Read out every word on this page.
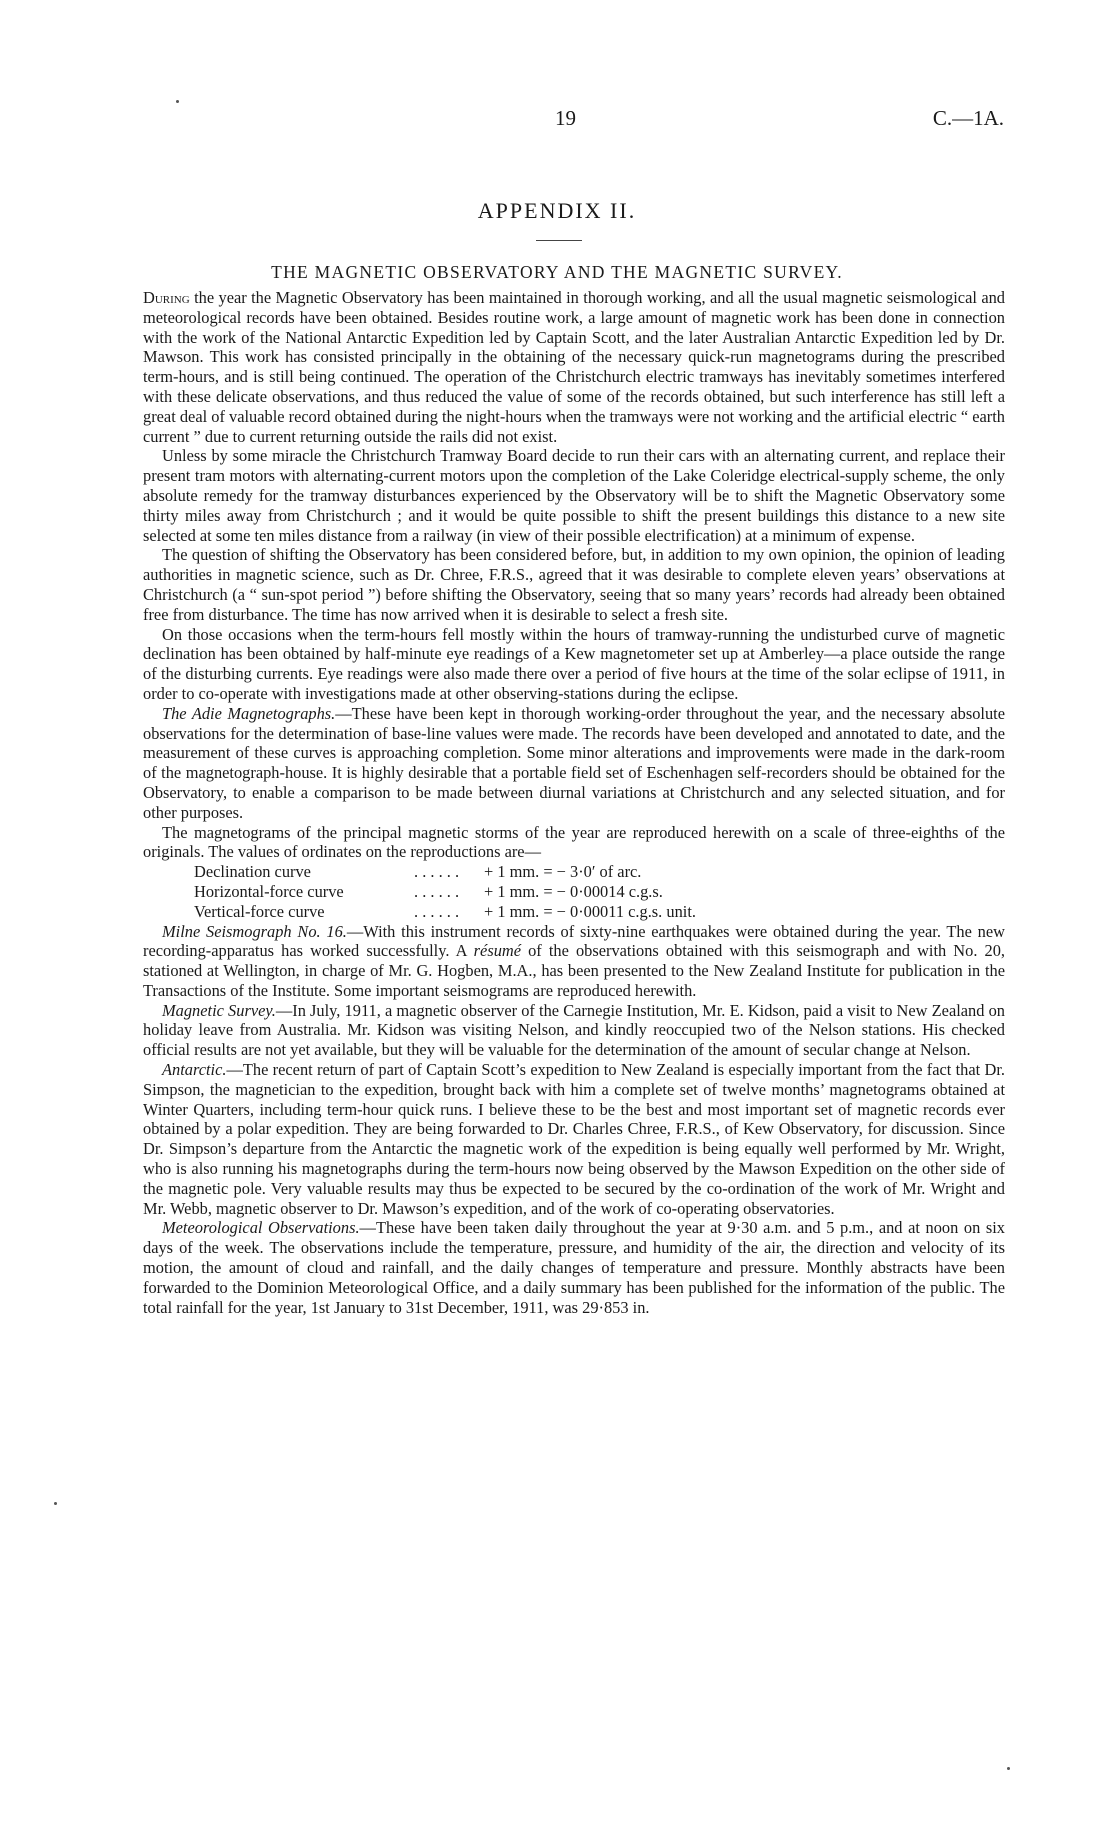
19	C.—1A.
APPENDIX II.
THE MAGNETIC OBSERVATORY AND THE MAGNETIC SURVEY.

During the year the Magnetic Observatory has been maintained in thorough working, and all the usual magnetic seismological and meteorological records have been obtained. Besides routine work, a large amount of magnetic work has been done in connection with the work of the National Antarctic Expedition led by Captain Scott, and the later Australian Antarctic Expedition led by Dr. Mawson. This work has consisted principally in the obtaining of the necessary quick-run magnetograms during the prescribed term-hours, and is still being continued. The operation of the Christchurch electric tramways has inevitably sometimes interfered with these delicate observations, and thus reduced the value of some of the records obtained, but such interference has still left a great deal of valuable record obtained during the night-hours when the tramways were not working and the artificial electric “ earth current ” due to current returning outside the rails did not exist.

Unless by some miracle the Christchurch Tramway Board decide to run their cars with an alternating current, and replace their present tram motors with alternating-current motors upon the completion of the Lake Coleridge electrical-supply scheme, the only absolute remedy for the tramway disturbances experienced by the Observatory will be to shift the Magnetic Observatory some thirty miles away from Christchurch ; and it would be quite possible to shift the present buildings this distance to a new site selected at some ten miles distance from a railway (in view of their possible electrification) at a minimum of expense.

The question of shifting the Observatory has been considered before, but, in addition to my own opinion, the opinion of leading authorities in magnetic science, such as Dr. Chree, F.R.S., agreed that it was desirable to complete eleven years’ observations at Christchurch (a “ sun-spot period ”) before shifting the Observatory, seeing that so many years’ records had already been obtained free from disturbance. The time has now arrived when it is desirable to select a fresh site.

On those occasions when the term-hours fell mostly within the hours of tramway-running the undisturbed curve of magnetic declination has been obtained by half-minute eye readings of a Kew magnetometer set up at Amberley—a place outside the range of the disturbing currents. Eye readings were also made there over a period of five hours at the time of the solar eclipse of 1911, in order to co-operate with investigations made at other observing-stations during the eclipse.

The Adie Magnetographs.—These have been kept in thorough working-order throughout the year, and the necessary absolute observations for the determination of base-line values were made. The records have been developed and annotated to date, and the measurement of these curves is approaching completion. Some minor alterations and improvements were made in the dark-room of the magnetograph-house. It is highly desirable that a portable field set of Eschenhagen self-recorders should be obtained for the Observatory, to enable a comparison to be made between diurnal variations at Christchurch and any selected situation, and for other purposes.

The magnetograms of the principal magnetic storms of the year are reproduced herewith on a scale of three-eighths of the originals. The values of ordinates on the reproductions are—

Declination curve	. . . . . .	+ 1 mm. = − 3·0′ of arc.
Horizontal-force curve	. . . . . .	+ 1 mm. = − 0·00014 c.g.s.
Vertical-force curve	. . . . . .	+ 1 mm. = − 0·00011 c.g.s. unit.

Milne Seismograph No. 16.—With this instrument records of sixty-nine earthquakes were obtained during the year. The new recording-apparatus has worked successfully. A résumé of the observations obtained with this seismograph and with No. 20, stationed at Wellington, in charge of Mr. G. Hogben, M.A., has been presented to the New Zealand Institute for publication in the Transactions of the Institute. Some important seismograms are reproduced herewith.

Magnetic Survey.—In July, 1911, a magnetic observer of the Carnegie Institution, Mr. E. Kidson, paid a visit to New Zealand on holiday leave from Australia. Mr. Kidson was visiting Nelson, and kindly reoccupied two of the Nelson stations. His checked official results are not yet available, but they will be valuable for the determination of the amount of secular change at Nelson.

Antarctic.—The recent return of part of Captain Scott’s expedition to New Zealand is especially important from the fact that Dr. Simpson, the magnetician to the expedition, brought back with him a complete set of twelve months’ magnetograms obtained at Winter Quarters, including term-hour quick runs. I believe these to be the best and most important set of magnetic records ever obtained by a polar expedition. They are being forwarded to Dr. Charles Chree, F.R.S., of Kew Observatory, for discussion. Since Dr. Simpson’s departure from the Antarctic the magnetic work of the expedition is being equally well performed by Mr. Wright, who is also running his magnetographs during the term-hours now being observed by the Mawson Expedition on the other side of the magnetic pole. Very valuable results may thus be expected to be secured by the co-ordination of the work of Mr. Wright and Mr. Webb, magnetic observer to Dr. Mawson’s expedition, and of the work of co-operating observatories.

Meteorological Observations.—These have been taken daily throughout the year at 9·30 a.m. and 5 p.m., and at noon on six days of the week. The observations include the temperature, pressure, and humidity of the air, the direction and velocity of its motion, the amount of cloud and rainfall, and the daily changes of temperature and pressure. Monthly abstracts have been forwarded to the Dominion Meteorological Office, and a daily summary has been published for the information of the public. The total rainfall for the year, 1st January to 31st December, 1911, was 29·853 in.
